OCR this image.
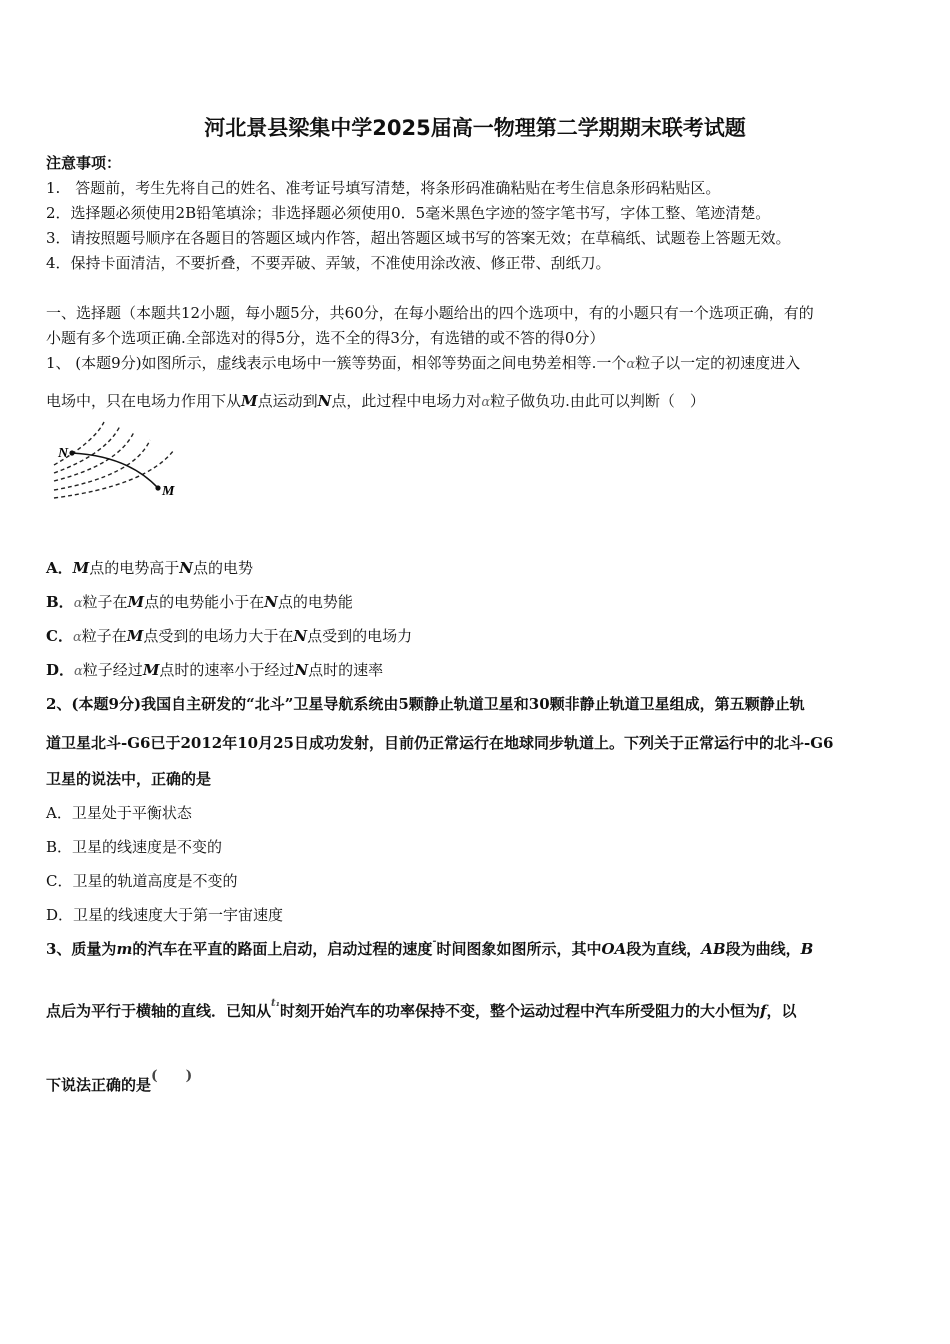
河北景县梁集中学2025届高一物理第二学期期末联考试题
注意事项：
1.　答题前，考生先将自己的姓名、准考证号填写清楚，将条形码准确粘贴在考生信息条形码粘贴区。
2．选择题必须使用2B铅笔填涂；非选择题必须使用0．5毫米黑色字迹的签字笔书写，字体工整、笔迹清楚。
3．请按照题号顺序在各题目的答题区域内作答，超出答题区域书写的答案无效；在草稿纸、试题卷上答题无效。
4．保持卡面清洁，不要折叠，不要弄破、弄皱，不准使用涂改液、修正带、刮纸刀。
一、选择题（本题共12小题，每小题5分，共60分，在每小题给出的四个选项中，有的小题只有一个选项正确，有的
小题有多个选项正确.全部选对的得5分，选不全的得3分，有选错的或不答的得0分）
1、 (本题9分)如图所示，虚线表示电场中一簇等势面，相邻等势面之间电势差相等.一个α粒子以一定的初速度进入
电场中，只在电场力作用下从M点运动到N点，此过程中电场力对α粒子做负功.由此可以判断（　）
N
M
A．M点的电势高于N点的电势
B．α粒子在M点的电势能小于在N点的电势能
C．α粒子在M点受到的电场力大于在N点受到的电场力
D．α粒子经过M点时的速率小于经过N点时的速率
2、(本题9分)我国自主研发的“北斗”卫星导航系统由5颗静止轨道卫星和30颗非静止轨道卫星组成，第五颗静止轨
道卫星北斗-G6已于2012年10月25日成功发射，目前仍正常运行在地球同步轨道上。下列关于正常运行中的北斗-G6
卫星的说法中，正确的是
A．卫星处于平衡状态
B．卫星的线速度是不变的
C．卫星的轨道高度是不变的
D．卫星的线速度大于第一宇宙速度
3、质量为m的汽车在平直的路面上启动，启动过程的速度-时间图象如图所示，其中OA段为直线，AB段为曲线，B
点后为平行于横轴的直线．已知从$^{t_1}$时刻开始汽车的功率保持不变，整个运动过程中汽车所受阻力的大小恒为f，以
下说法正确的是(　　)
